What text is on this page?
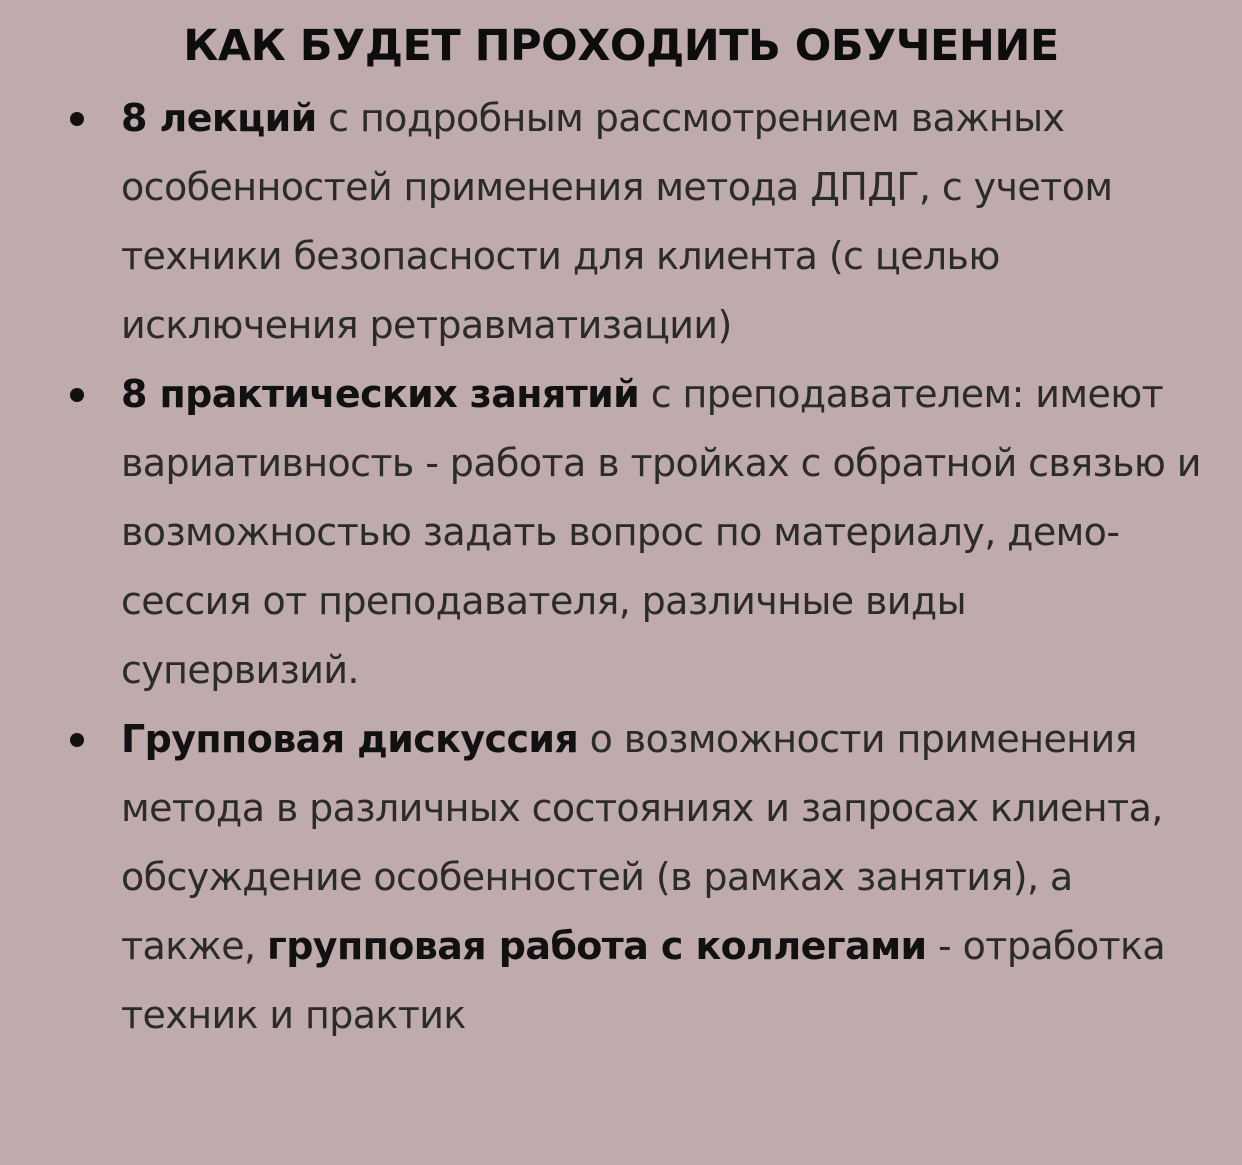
КАК БУДЕТ ПРОХОДИТЬ ОБУЧЕНИЕ
8 лекций с подробным рассмотрением важных особенностей применения метода ДПДГ, с учетом техники безопасности для клиента (с целью исключения ретравматизации)
8 практических занятий с преподавателем: имеют вариативность - работа в тройках с обратной связью и возможностью задать вопрос по материалу, демо-сессия от преподавателя, различные виды супервизий.
Групповая дискуссия о возможности применения метода в различных состояниях и запросах клиента, обсуждение особенностей (в рамках занятия), а также, групповая работа с коллегами - отработка техник и практик
